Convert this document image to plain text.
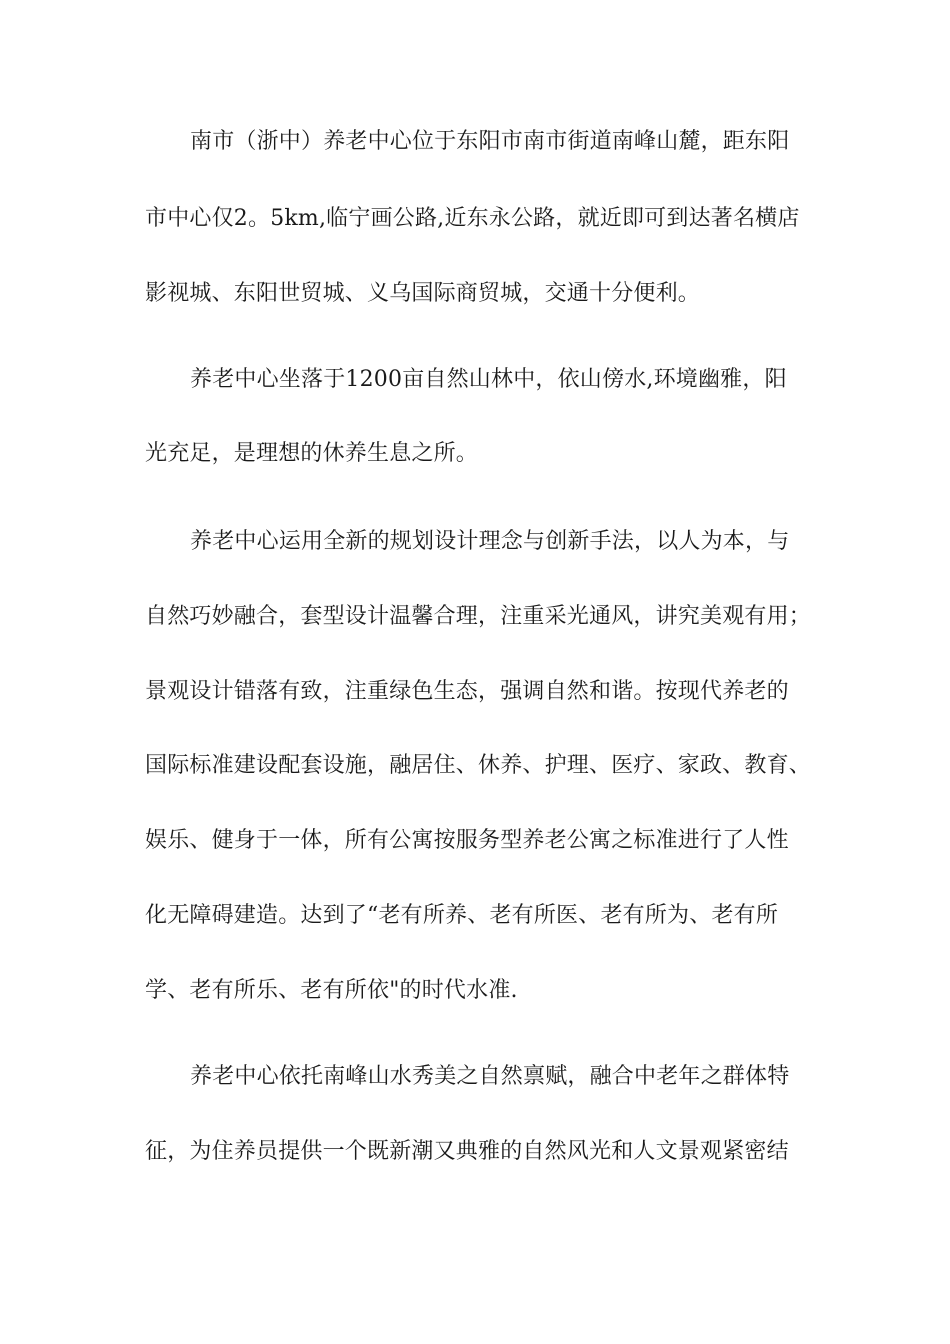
南市（浙中）养老中心位于东阳市南市街道南峰山麓，距东阳
市中心仅2。5km,临宁画公路,近东永公路，就近即可到达著名横店
影视城、东阳世贸城、义乌国际商贸城，交通十分便利。
养老中心坐落于1200亩自然山林中，依山傍水,环境幽雅，阳
光充足，是理想的休养生息之所。
养老中心运用全新的规划设计理念与创新手法，以人为本，与
自然巧妙融合，套型设计温馨合理，注重采光通风，讲究美观有用；
景观设计错落有致，注重绿色生态，强调自然和谐。按现代养老的
国际标准建设配套设施，融居住、休养、护理、医疗、家政、教育、
娱乐、健身于一体，所有公寓按服务型养老公寓之标准进行了人性
化无障碍建造。达到了“老有所养、老有所医、老有所为、老有所
学、老有所乐、老有所依"的时代水准.
养老中心依托南峰山水秀美之自然禀赋，融合中老年之群体特
征，为住养员提供一个既新潮又典雅的自然风光和人文景观紧密结
